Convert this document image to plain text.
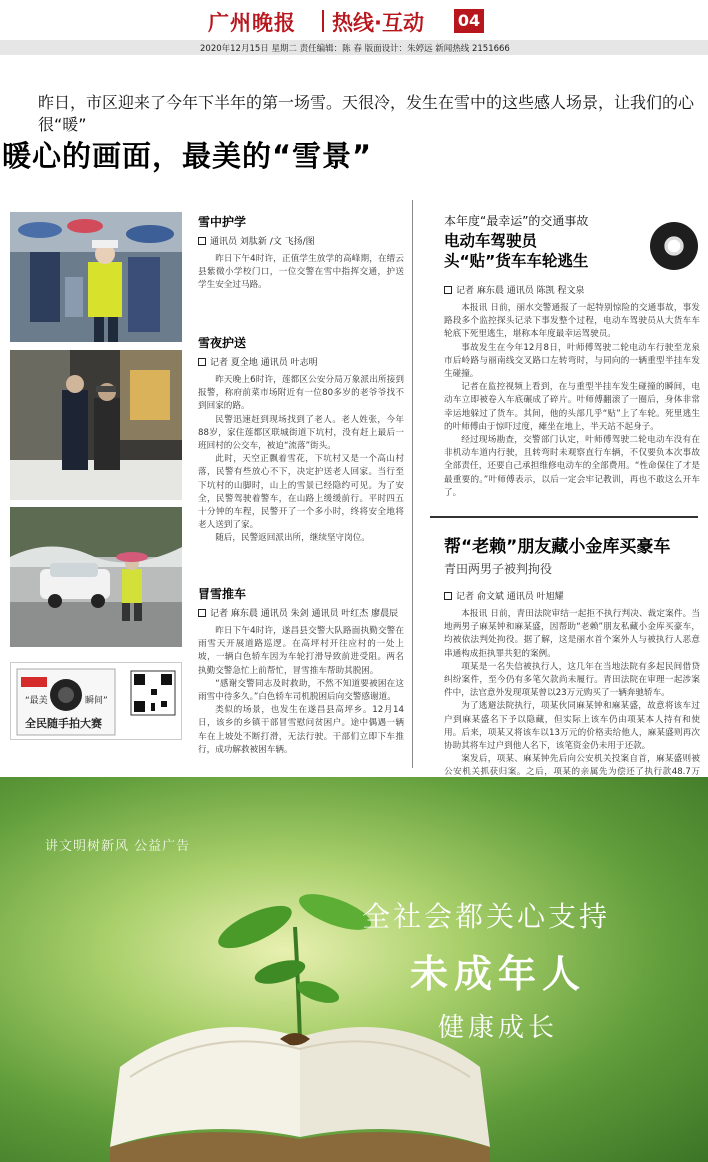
广州晚报 热线·互动 04
2020年12月15日 星期二 责任编辑：陈 春 版面设计：朱婷远 新闻热线 2151666
昨日，市区迎来了今年下半年的第一场雪。天很冷，发生在雪中的这些感人场景，让我们的心很“暖”
暖心的画面，最美的“雪景”
“最美	瞬间”
全民随手拍大赛
雪中护学
通讯员 刘肽新 /文 飞扬/图

昨日下午4时许，正值学生放学的高峰期，在缙云县紫微小学校门口，一位交警在雪中指挥交通，护送学生安全过马路。

雪夜护送
记者 夏全地 通讯员 叶志明

昨天晚上6时许，莲都区公安分局万象派出所接到报警，称府前菜市场附近有一位80多岁的老爷爷找不到回家的路。

民警迅速赶到现场找到了老人。老人姓张，今年88岁，家住莲都区联城街道下坑村，没有赶上最后一班回村的公交车，被迫“流落”街头。

此时，天空正飘着雪花，下坑村又是一个高山村落，民警有些放心不下，决定护送老人回家。当行至下坑村的山脚时，山上的雪景已经隐约可见。为了安全，民警驾驶着警车，在山路上缓缓前行。平时四五十分钟的车程，民警开了一个多小时，终将安全地将老人送到了家。

随后，民警返回派出所，继续坚守岗位。

冒雪推车
记者 麻东晨 通讯员 朱剑 通讯员 叶红杰 廖晨辰

昨日下午4时许，遂昌县交警大队路面执勤交警在雨雪天开展道路巡逻。在高坪村开往应村的一处上坡，一辆白色轿车因为车轮打滑导致前进受阻。两名执勤交警急忙上前帮忙，冒雪推车帮助其脱困。

“感谢交警同志及时救助，不然不知道要被困在这雨雪中待多久。”白色轿车司机脱困后向交警感谢道。

类似的场景，也发生在遂昌县高坪乡。12月14日，该乡的乡镇干部冒雪慰问贫困户。途中偶遇一辆车在上坡处不断打滑，无法行驶。干部们立即下车推行，成功解救被困车辆。

本年度“最幸运”的交通事故
电动车驾驶员
头“贴”货车车轮逃生
记者 麻东晨 通讯员 陈凯 程文泉

本报讯 日前，丽水交警通报了一起特别惊险的交通事故，事发路段多个监控探头记录下事发整个过程，电动车驾驶员从大货车车轮底下死里逃生，堪称本年度最幸运驾驶员。

事故发生在今年12月8日，叶师傅驾驶二轮电动车行驶至龙泉市后岭路与丽南线交叉路口左转弯时，与同向的一辆重型半挂车发生碰撞。

记者在监控视频上看到，在与重型半挂车发生碰撞的瞬间，电动车立即被卷入车底碾成了碎片。叶师傅翻滚了一圈后，身体非常幸运地躲过了货车。其间，他的头部几乎“贴”上了车轮。死里逃生的叶师傅由于惊吓过度，瘫坐在地上，半天站不起身子。

经过现场勘查，交警部门认定，叶师傅驾驶二轮电动车没有在非机动车道内行驶，且转弯时未观察直行车辆，不仅要负本次事故全部责任，还要自己承担维修电动车的全部费用。“性命保住了才是最重要的。”叶师傅表示，以后一定会牢记教训，再也不敢这么开车了。

帮“老赖”朋友藏小金库买豪车
青田两男子被判拘役
记者 俞文斌 通讯员 叶旭耀

本报讯 日前，青田法院审结一起拒不执行判决、裁定案件。当地两男子麻某钟和麻某盛，因帮助“老赖”朋友私藏小金库买豪车，均被依法判处拘役。据了解，这是丽水首个案外人与被执行人恶意串通构成拒执罪共犯的案例。

项某是一名失信被执行人，这几年在当地法院有多起民间借贷纠纷案件，至今仍有多笔欠款尚未履行。青田法院在审理一起涉案件中，法官意外发现项某曾以23万元购买了一辆奔驰轿车。

为了逃避法院执行，项某伙同麻某钟和麻某盛，故意将该车过户到麻某盛名下予以隐藏，但实际上该车仍由项某本人持有和使用。后来，项某又将该车以13万元的价格卖给他人，麻某盛则再次协助其将车过户到他人名下，该笔资金仍未用于还款。

案发后，项某、麻某钟先后向公安机关投案自首，麻某盛则被公安机关抓获归案。之后，项某的亲属先为偿还了执行款48.7万

讲文明树新风 公益广告
全社会都关心支持
未成年人
健康成长
